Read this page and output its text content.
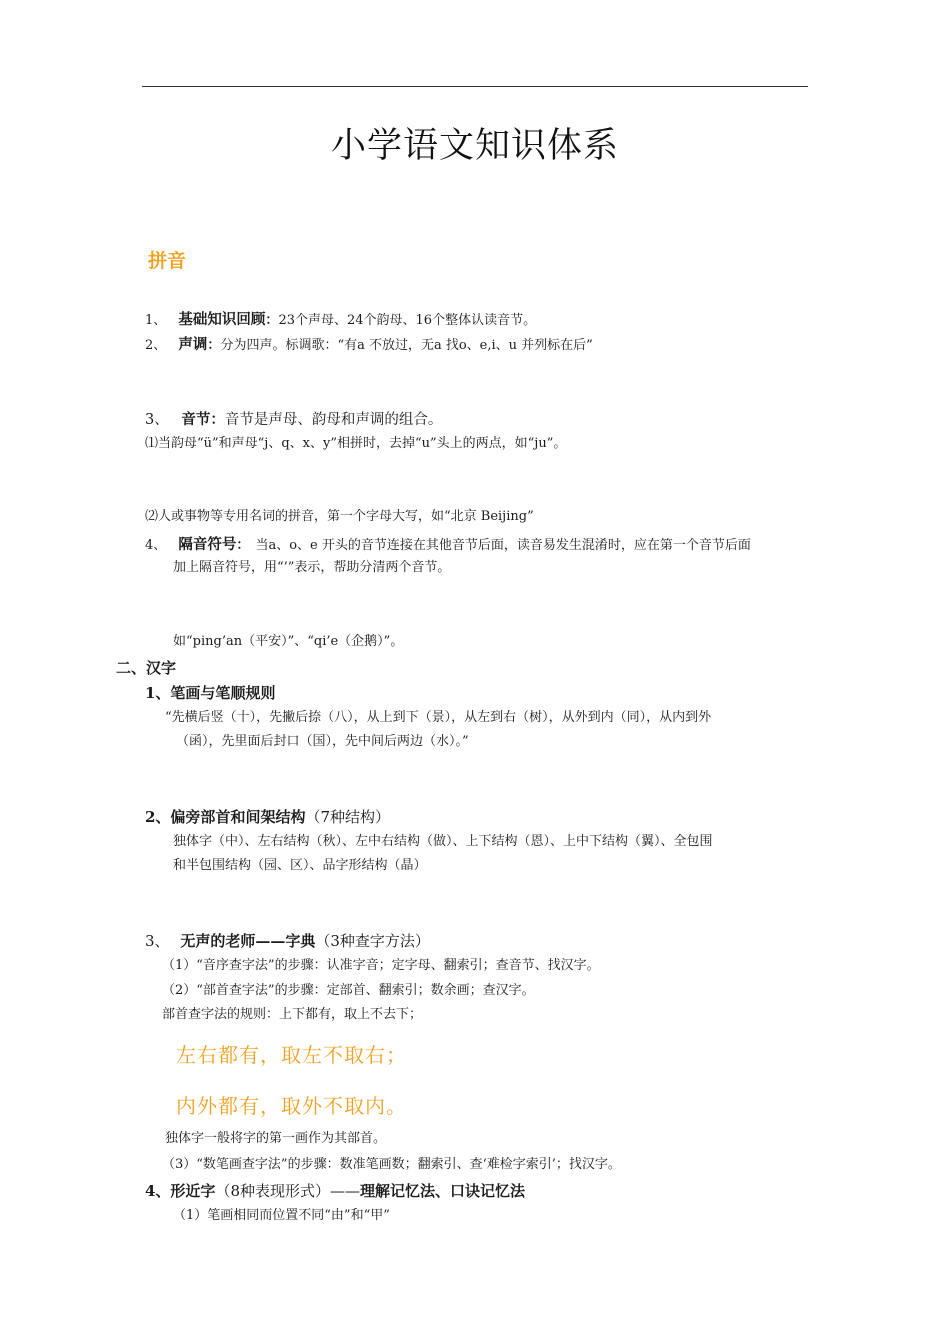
小学语文知识体系
拼音
1、 基础知识回顾：23个声母、24个韵母、16个整体认读音节。
2、 声调：分为四声。标调歌：“有a 不放过，无a 找o、e,i、u 并列标在后”
3、 音节：音节是声母、韵母和声调的组合。
⑴当韵母“ü”和声母“j、q、x、y”相拼时，去掉“u”头上的两点，如“ju”。
⑵人或事物等专用名词的拼音，第一个字母大写，如“北京 Beijing”
4、 隔音符号： 当a、o、e 开头的音节连接在其他音节后面，读音易发生混淆时，应在第一个音节后面
加上隔音符号，用“’”表示，帮助分清两个音节。
如“ping’an（平安）”、“qi’e（企鹅）”。
二、汉字
1、笔画与笔顺规则
“先横后竖（十），先撇后捺（八），从上到下（景），从左到右（树），从外到内（同），从内到外
（函），先里面后封口（国），先中间后两边（水）。”
2、偏旁部首和间架结构（7种结构）
独体字（中）、左右结构（秋）、左中右结构（做）、上下结构（恩）、上中下结构（翼）、全包围
和半包围结构（园、区）、品字形结构（晶）
3、 无声的老师——字典（3种查字方法）
（1）“音序查字法”的步骤：认准字音；定字母、翻索引；查音节、找汉字。
（2）“部首查字法”的步骤：定部首、翻索引；数余画；查汉字。
部首查字法的规则：上下都有，取上不去下；
左右都有，取左不取右；
内外都有，取外不取内。
独体字一般将字的第一画作为其部首。
（3）“数笔画查字法”的步骤：数准笔画数；翻索引、查‘难检字索引’；找汉字。
4、形近字（8种表现形式）——理解记忆法、口诀记忆法
（1）笔画相同而位置不同“由”和“甲”
